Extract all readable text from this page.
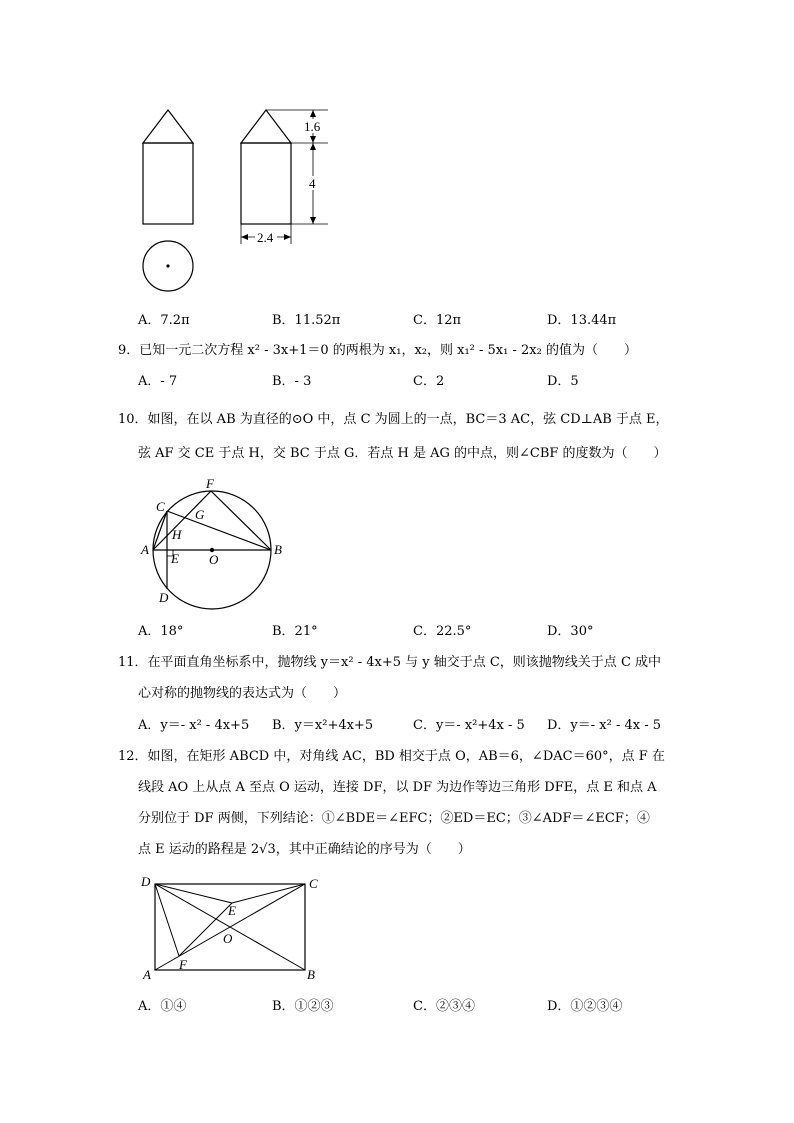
1.6
4
2.4
A．7.2π	B．11.52π	C．12π	D．13.44π
9．已知一元二次方程 x² - 3x+1＝0 的两根为 x₁，x₂，则 x₁² - 5x₁ - 2x₂ 的值为（　　）
A．- 7	B．- 3	C．2	D．5
10．如图，在以 AB 为直径的⊙O 中，点 C 为圆上的一点，BC＝3 AC，弦 CD⊥AB 于点 E，
弦 AF 交 CE 于点 H，交 BC 于点 G．若点 H 是 AG 的中点，则∠CBF 的度数为（　　）
F
C
G
H
A
E O
B
D
A．18°	B．21°	C．22.5°	D．30°
11．在平面直角坐标系中，抛物线 y＝x² - 4x+5 与 y 轴交于点 C，则该抛物线关于点 C 成中
心对称的抛物线的表达式为（　　）
A．y＝- x² - 4x+5 B．y＝x²+4x+5	C．y＝- x²+4x - 5 D．y＝- x² - 4x - 5
12．如图，在矩形 ABCD 中，对角线 AC，BD 相交于点 O，AB＝6，∠DAC＝60°，点 F 在
线段 AO 上从点 A 至点 O 运动，连接 DF，以 DF 为边作等边三角形 DFE，点 E 和点 A
分别位于 DF 两侧，下列结论：①∠BDE＝∠EFC；②ED＝EC；③∠ADF＝∠ECF；④
点 E 运动的路程是 2√3，其中正确结论的序号为（　　）
D	C
E
O
A
F
B
A．①④	B．①②③	C．②③④	D．①②③④
